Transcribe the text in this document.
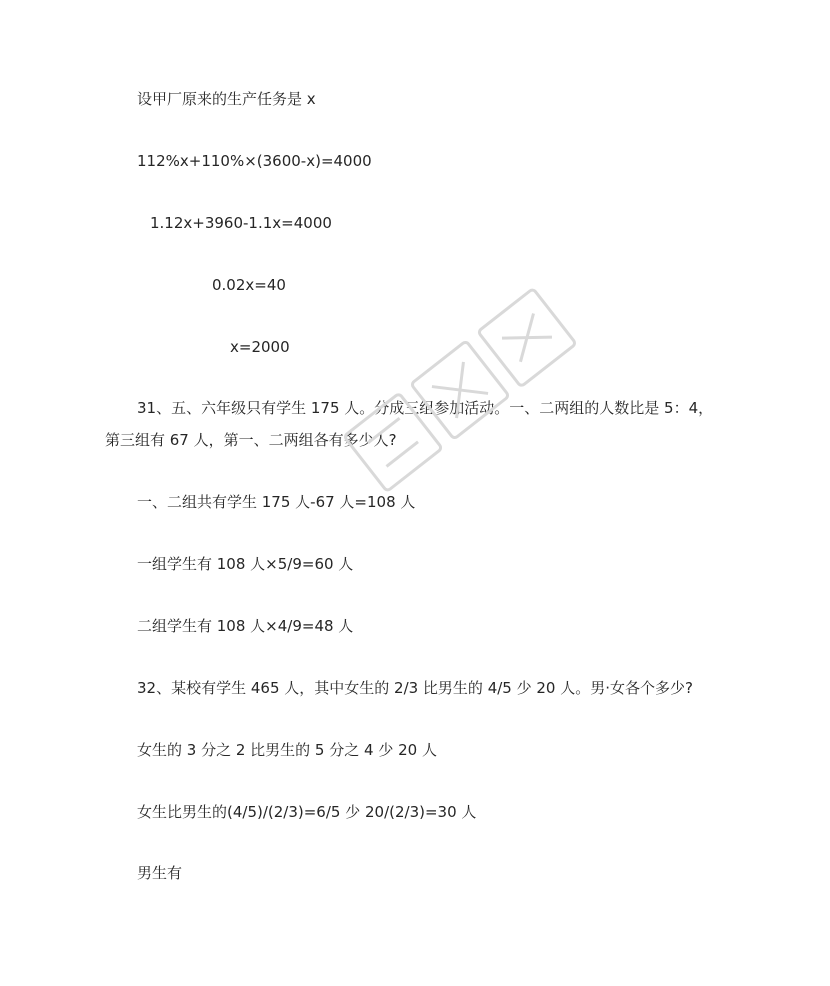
设甲厂原来的生产任务是 x
112%x+110%×(3600-x)=4000
1.12x+3960-1.1x=4000
0.02x=40
x=2000
31、五、六年级只有学生 175 人。分成三组参加活动。一、二两组的人数比是 5：4，
第三组有 67 人，第一、二两组各有多少人?
一、二组共有学生 175 人-67 人=108 人
一组学生有 108 人×5/9=60 人
二组学生有 108 人×4/9=48 人
32、某校有学生 465 人，其中女生的 2/3 比男生的 4/5 少 20 人。男·女各个多少?
女生的 3 分之 2 比男生的 5 分之 4 少 20 人
女生比男生的(4/5)/(2/3)=6/5 少 20/(2/3)=30 人
男生有
